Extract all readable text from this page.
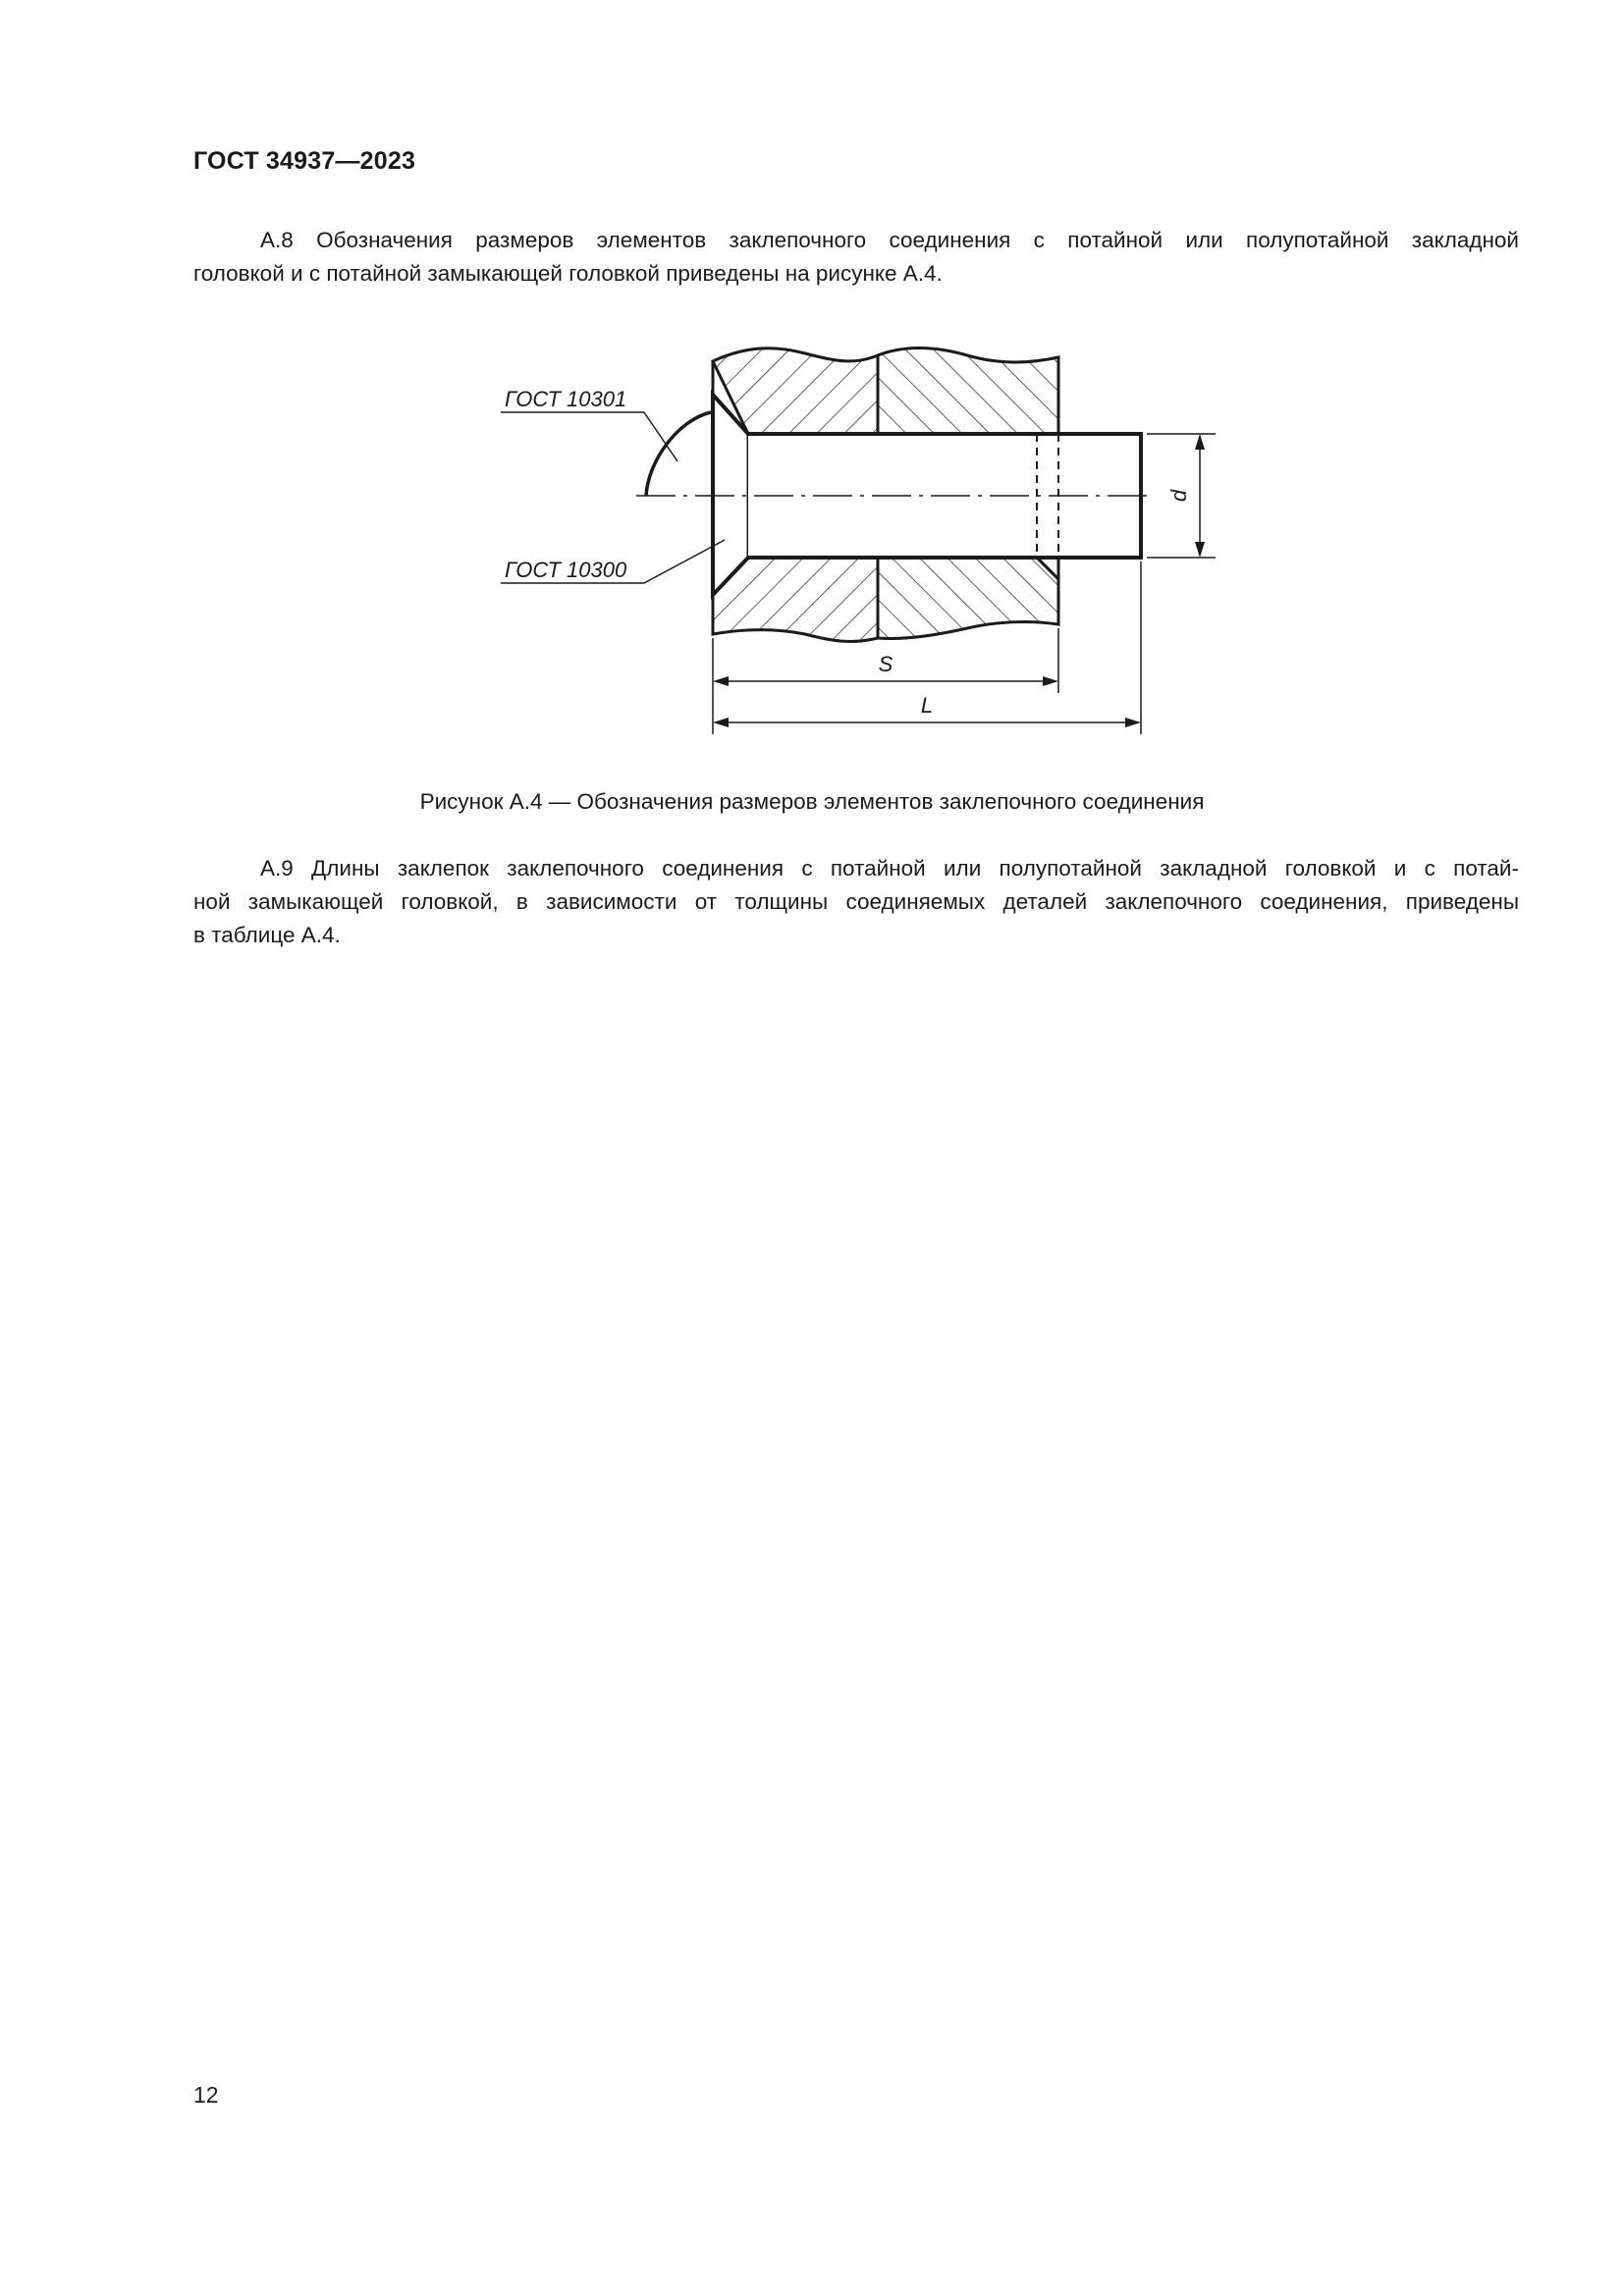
ГОСТ 34937—2023

А.8 Обозначения размеров элементов заклепочного соединения с потайной или полупотайной закладной
головкой и с потайной замыкающей головкой приведены на рисунке А.4.

ГОСТ 10301
ГОСТ 10300
d
S
L
Рисунок А.4 — Обозначения размеров элементов заклепочного соединения

А.9 Длины заклепок заклепочного соединения с потайной или полупотайной закладной головкой и с потай-
ной замыкающей головкой, в зависимости от толщины соединяемых деталей заклепочного соединения, приведены
в таблице А.4.

12
